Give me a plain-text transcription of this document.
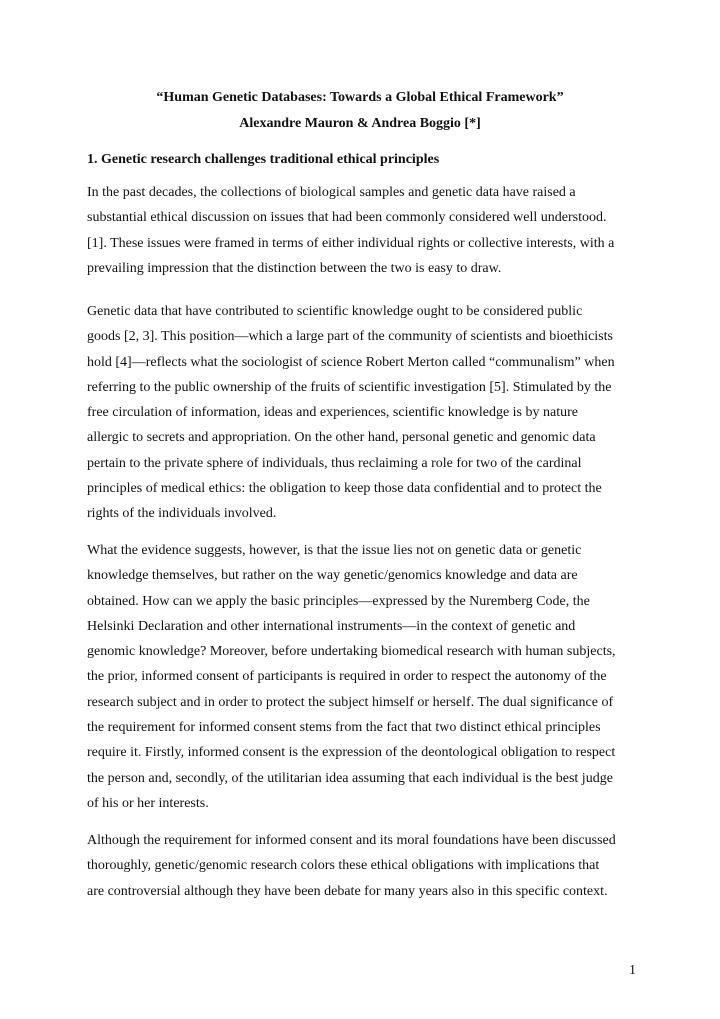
“Human Genetic Databases: Towards a Global Ethical Framework”
Alexandre Mauron & Andrea Boggio [*]
1. Genetic research challenges traditional ethical principles
In the past decades, the collections of biological samples and genetic data have raised a
substantial ethical discussion on issues that had been commonly considered well understood.
[1]. These issues were framed in terms of either individual rights or collective interests, with a
prevailing impression that the distinction between the two is easy to draw.
Genetic data that have contributed to scientific knowledge ought to be considered public
goods [2, 3]. This position—which a large part of the community of scientists and bioethicists
hold [4]—reflects what the sociologist of science Robert Merton called “communalism” when
referring to the public ownership of the fruits of scientific investigation [5]. Stimulated by the
free circulation of information, ideas and experiences, scientific knowledge is by nature
allergic to secrets and appropriation. On the other hand, personal genetic and genomic data
pertain to the private sphere of individuals, thus reclaiming a role for two of the cardinal
principles of medical ethics: the obligation to keep those data confidential and to protect the
rights of the individuals involved.
What the evidence suggests, however, is that the issue lies not on genetic data or genetic
knowledge themselves, but rather on the way genetic/genomics knowledge and data are
obtained. How can we apply the basic principles—expressed by the Nuremberg Code, the
Helsinki Declaration and other international instruments—in the context of genetic and
genomic knowledge? Moreover, before undertaking biomedical research with human subjects,
the prior, informed consent of participants is required in order to respect the autonomy of the
research subject and in order to protect the subject himself or herself. The dual significance of
the requirement for informed consent stems from the fact that two distinct ethical principles
require it. Firstly, informed consent is the expression of the deontological obligation to respect
the person and, secondly, of the utilitarian idea assuming that each individual is the best judge
of his or her interests.
Although the requirement for informed consent and its moral foundations have been discussed
thoroughly, genetic/genomic research colors these ethical obligations with implications that
are controversial although they have been debate for many years also in this specific context.
1
